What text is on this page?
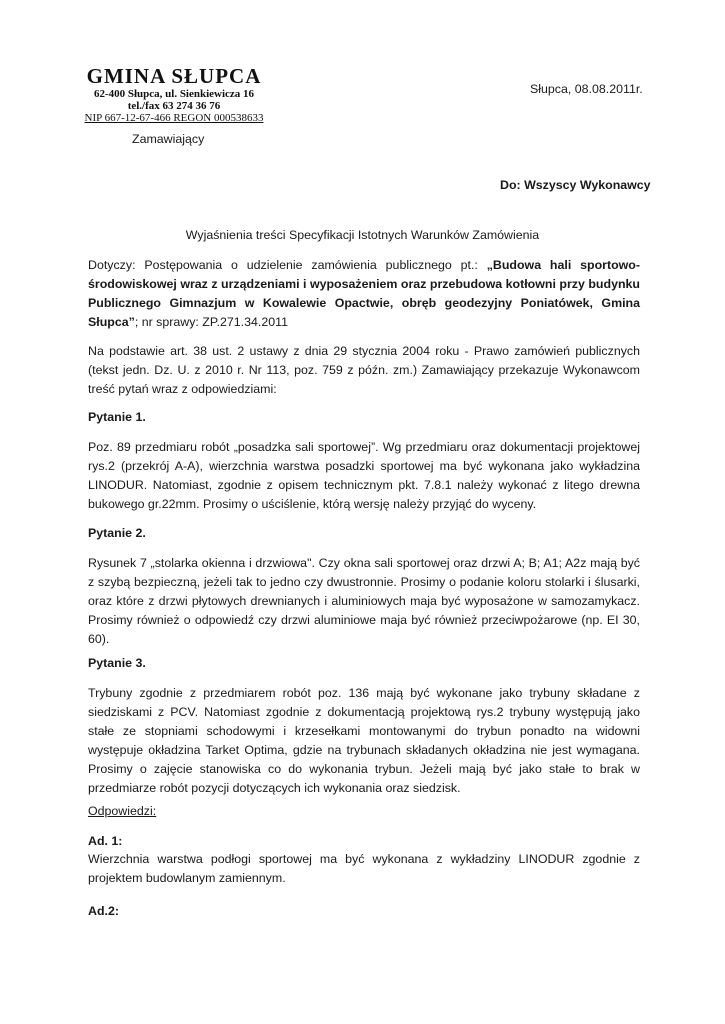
GMINA SŁUPCA
62-400 Słupca, ul. Sienkiewicza 16
tel./fax 63 274 36 76
NIP 667-12-67-466 REGON 000538633
Zamawiający
Słupca, 08.08.2011r.
Do: Wszyscy Wykonawcy
Wyjaśnienia treści Specyfikacji Istotnych Warunków Zamówienia

Dotyczy: Postępowania o udzielenie zamówienia publicznego pt.: „Budowa hali sportowo-środowiskowej wraz z urządzeniami i wyposażeniem oraz przebudowa kotłowni przy budynku Publicznego Gimnazjum w Kowalewie Opactwie, obręb geodezyjny Poniatówek, Gmina Słupca”; nr sprawy: ZP.271.34.2011

Na podstawie art. 38 ust. 2 ustawy z dnia 29 stycznia 2004 roku - Prawo zamówień publicznych (tekst jedn. Dz. U. z 2010 r. Nr 113, poz. 759 z późn. zm.) Zamawiający przekazuje Wykonawcom treść pytań wraz z odpowiedziami:

Pytanie 1.

Poz. 89 przedmiaru robót „posadzka sali sportowej”. Wg przedmiaru oraz dokumentacji projektowej rys.2 (przekrój A-A), wierzchnia warstwa posadzki sportowej ma być wykonana jako wykładzina LINODUR. Natomiast, zgodnie z opisem technicznym pkt. 7.8.1 należy wykonać z litego drewna bukowego gr.22mm. Prosimy o uściślenie, którą wersję należy przyjąć do wyceny.

Pytanie 2.

Rysunek 7 „stolarka okienna i drzwiowa". Czy okna sali sportowej oraz drzwi A; B; A1; A2z mają być z szybą bezpieczną, jeżeli tak to jedno czy dwustronnie. Prosimy o podanie koloru stolarki i ślusarki, oraz które z drzwi płytowych drewnianych i aluminiowych maja być wyposażone w samozamykacz. Prosimy również o odpowiedź czy drzwi aluminiowe maja być również przeciwpożarowe (np. EI 30, 60).

Pytanie 3.

Trybuny zgodnie z przedmiarem robót poz. 136 mają być wykonane jako trybuny składane z siedziskami z PCV. Natomiast zgodnie z dokumentacją projektową rys.2 trybuny występują jako stałe ze stopniami schodowymi i krzesełkami montowanymi do trybun ponadto na widowni występuje okładzina Tarket Optima, gdzie na trybunach składanych okładzina nie jest wymagana. Prosimy o zajęcie stanowiska co do wykonania trybun. Jeżeli mają być jako stałe to brak w przedmiarze robót pozycji dotyczących ich wykonania oraz siedzisk.

Odpowiedzi:
Ad. 1:

Wierzchnia warstwa podłogi sportowej ma być wykonana z wykładziny LINODUR zgodnie z projektem budowlanym zamiennym.

Ad.2:
